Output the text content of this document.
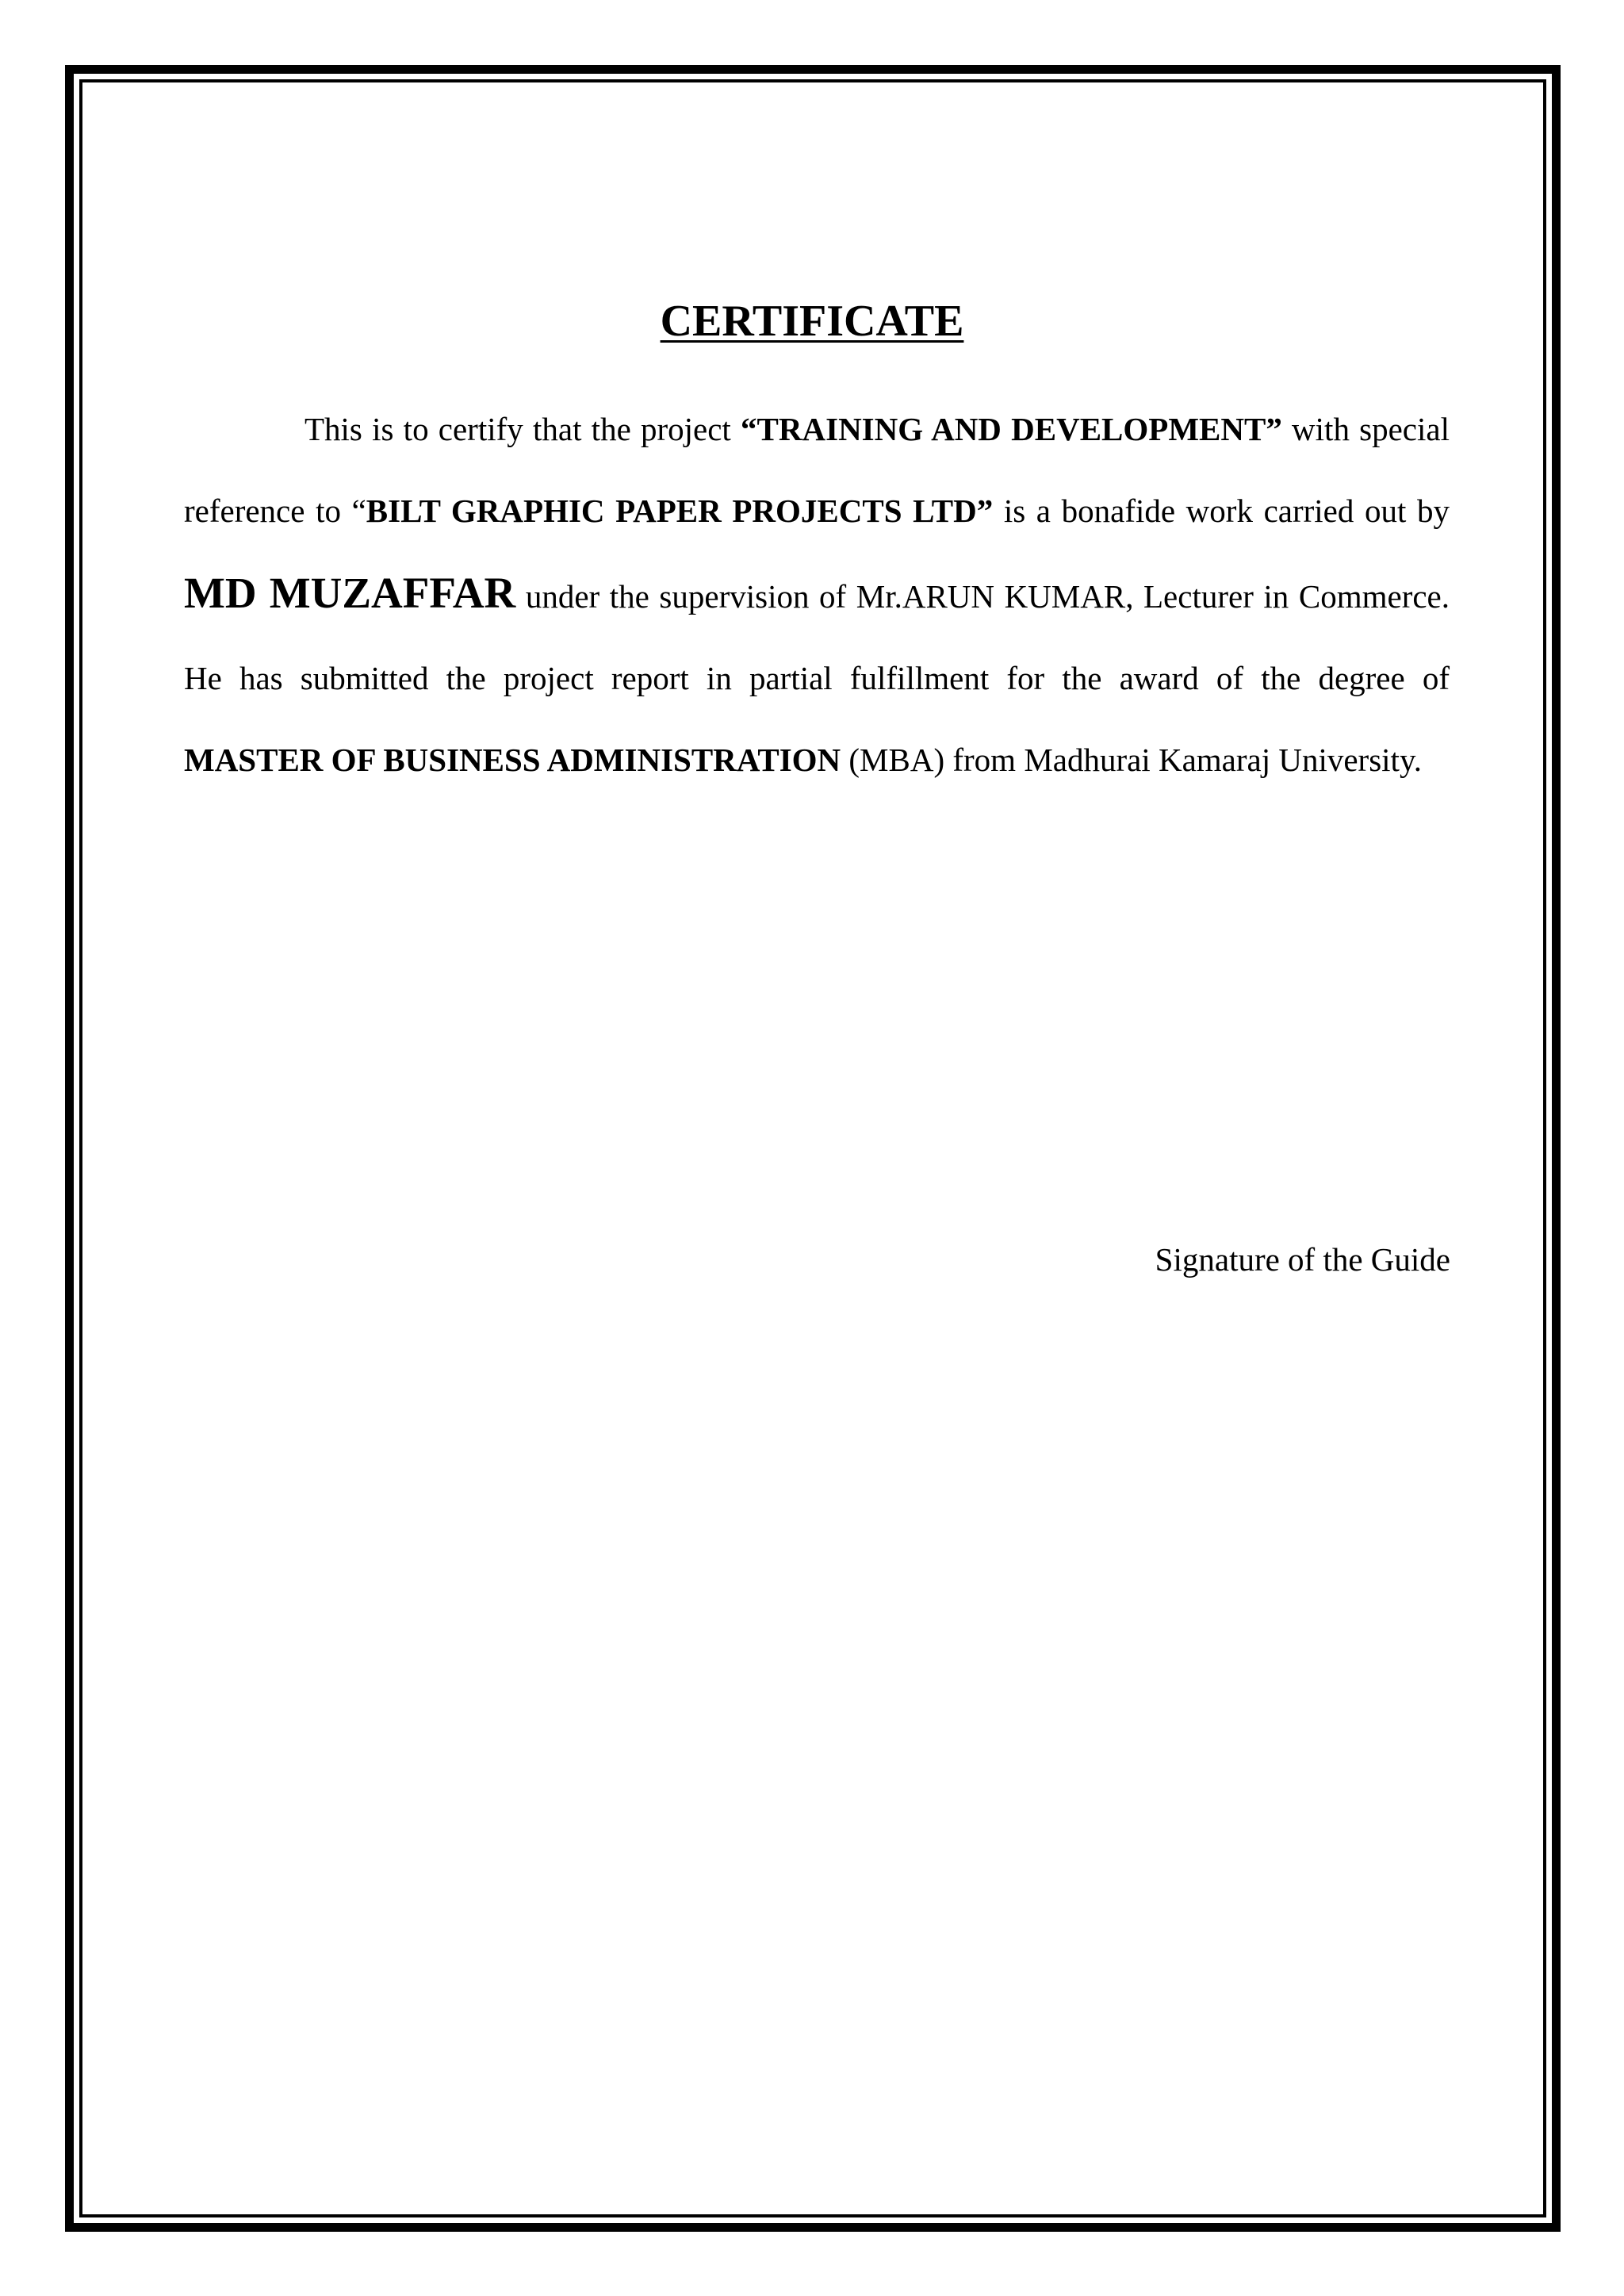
CERTIFICATE

This is to certify that the project “TRAINING AND DEVELOPMENT” with special reference to “BILT GRAPHIC PAPER PROJECTS LTD” is a bonafide work carried out by MD MUZAFFAR under the supervision of Mr.ARUN KUMAR, Lecturer in Commerce. He has submitted the project report in partial fulfillment for the award of the degree of MASTER OF BUSINESS ADMINISTRATION (MBA) from Madhurai Kamaraj University.

Signature of the Guide
